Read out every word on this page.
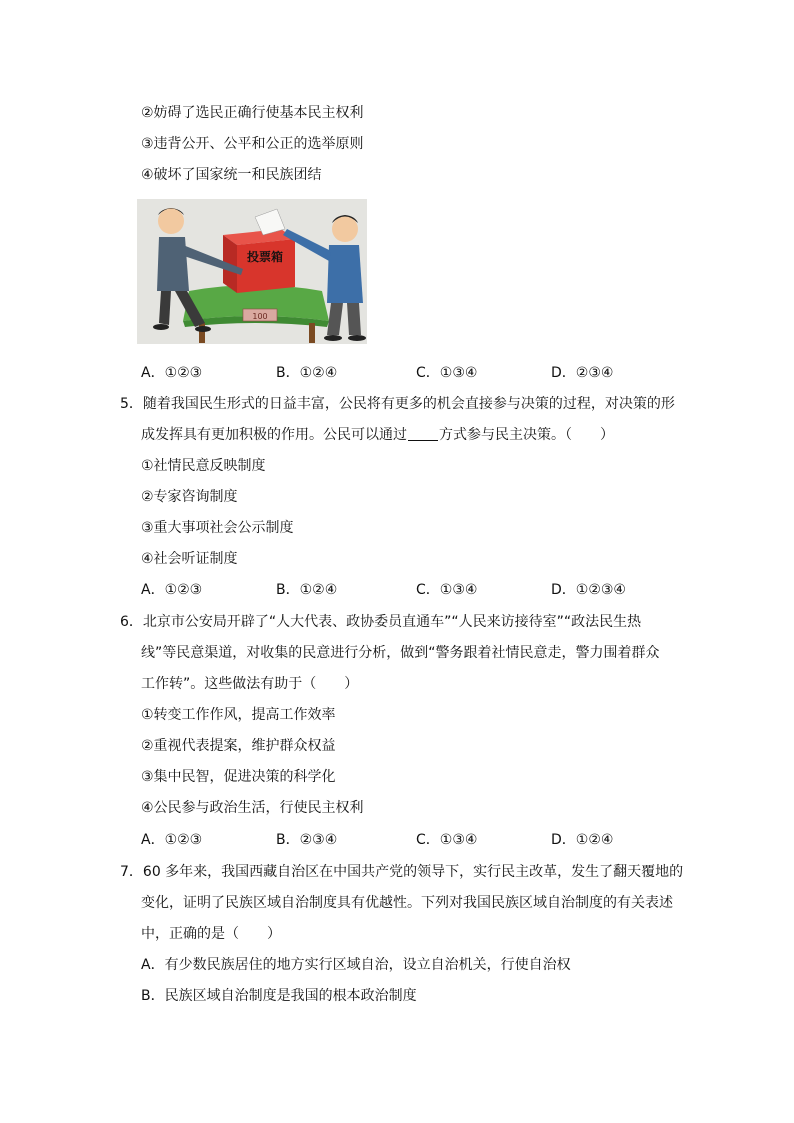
②妨碍了选民正确行使基本民主权利
③违背公开、公平和公正的选举原则
④破坏了国家统一和民族团结
100
投票箱
A．①②③	B．①②④	C．①③④	D．②③④
5．随着我国民生形式的日益丰富，公民将有更多的机会直接参与决策的过程，对决策的形
成发挥具有更加积极的作用。公民可以通过 方式参与民主决策。（　　）
①社情民意反映制度
②专家咨询制度
③重大事项社会公示制度
④社会听证制度
A．①②③	B．①②④	C．①③④	D．①②③④
6．北京市公安局开辟了“人大代表、政协委员直通车”“人民来访接待室”“政法民生热
线”等民意渠道，对收集的民意进行分析，做到“警务跟着社情民意走，警力围着群众
工作转”。这些做法有助于（　　）
①转变工作作风，提高工作效率
②重视代表提案，维护群众权益
③集中民智，促进决策的科学化
④公民参与政治生活，行使民主权利
A．①②③	B．②③④	C．①③④	D．①②④
7．60 多年来，我国西藏自治区在中国共产党的领导下，实行民主改革，发生了翻天覆地的
变化，证明了民族区域自治制度具有优越性。下列对我国民族区域自治制度的有关表述
中，正确的是（　　）
A．有少数民族居住的地方实行区域自治，设立自治机关，行使自治权
B．民族区域自治制度是我国的根本政治制度
